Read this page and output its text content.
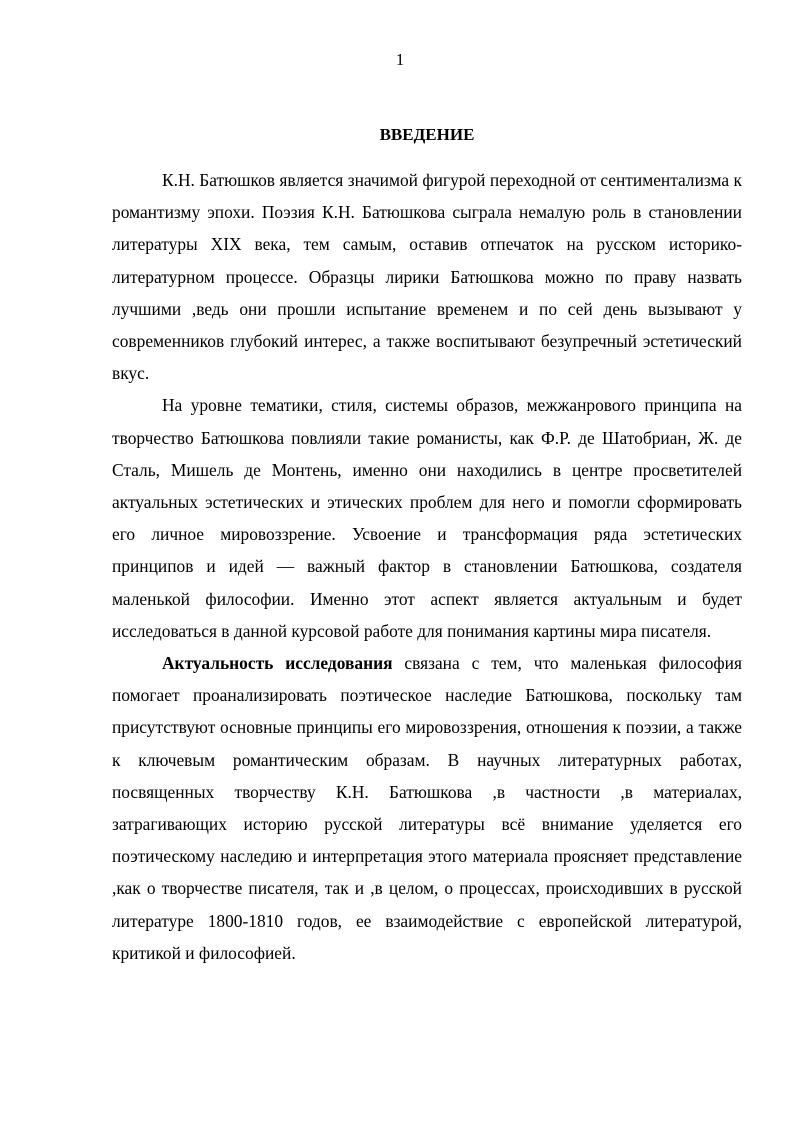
1
ВВЕДЕНИЕ

К.Н. Батюшков является значимой фигурой переходной от сентиментализма к романтизму эпохи. Поэзия К.Н. Батюшкова сыграла немалую роль в становлении литературы XIX века, тем самым, оставив отпечаток на русском историко-литературном процессе. Образцы лирики Батюшкова можно по праву назвать лучшими ,ведь они прошли испытание временем и по сей день вызывают у современников глубокий интерес, а также воспитывают безупречный эстетический вкус.

На уровне тематики, стиля, системы образов, межжанрового принципа на творчество Батюшкова повлияли такие романисты, как Ф.Р. де Шатобриан, Ж. де Сталь, Мишель де Монтень, именно они находились в центре просветителей актуальных эстетических и этических проблем для него и помогли сформировать его личное мировоззрение. Усвоение и трансформация ряда эстетических принципов и идей — важный фактор в становлении Батюшкова, создателя маленькой философии. Именно этот аспект является актуальным и будет исследоваться в данной курсовой работе для понимания картины мира писателя.

Актуальность исследования связана с тем, что маленькая философия помогает проанализировать поэтическое наследие Батюшкова, поскольку там присутствуют основные принципы его мировоззрения, отношения к поэзии, а также к ключевым романтическим образам. В научных литературных работах, посвященных творчеству К.Н. Батюшкова ,в частности ,в материалах, затрагивающих историю русской литературы всё внимание уделяется его поэтическому наследию и интерпретация этого материала проясняет представление ,как о творчестве писателя, так и ,в целом, о процессах, происходивших в русской литературе 1800-1810 годов, ее взаимодействие с европейской литературой, критикой и философией.
